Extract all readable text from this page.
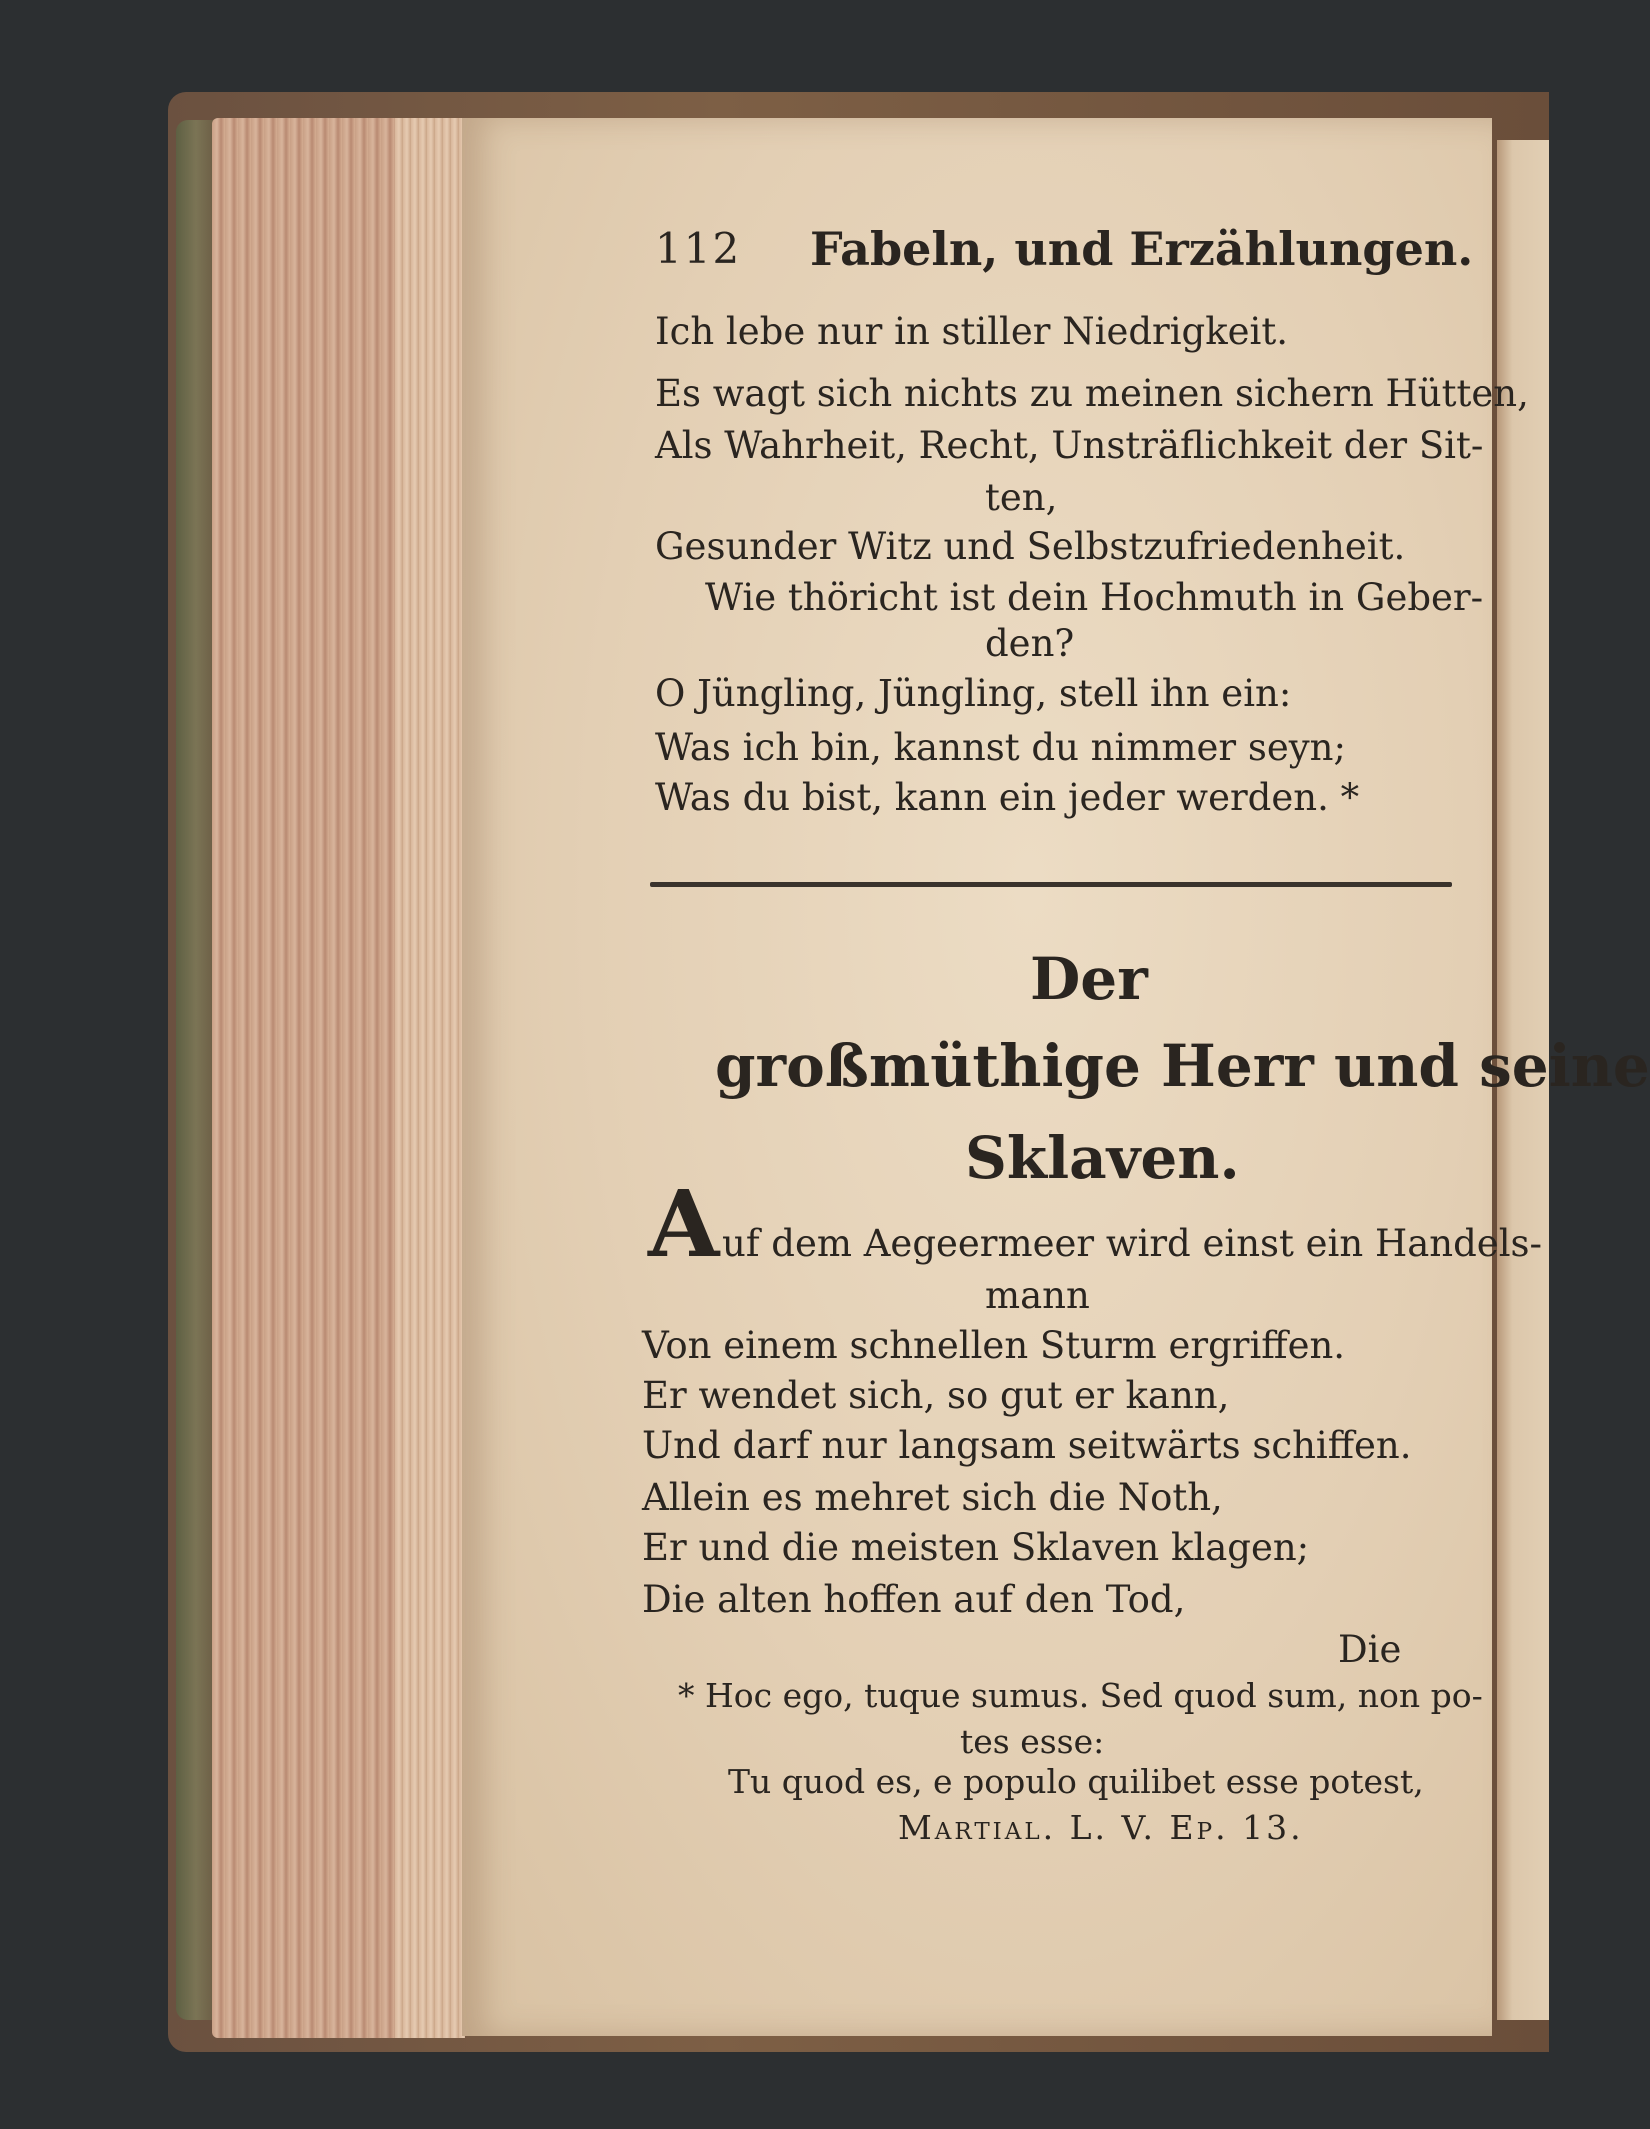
112 Fabeln, und Erzählungen.
Ich lebe nur in stiller Niedrigkeit.
Es wagt sich nichts zu meinen sichern Hütten,
Als Wahrheit, Recht, Unsträflichkeit der Sit-
ten,
Gesunder Witz und Selbstzufriedenheit.
Wie thöricht ist dein Hochmuth in Geber-
den?
O Jüngling, Jüngling, stell ihn ein:
Was ich bin, kannst du nimmer seyn;
Was du bist, kann ein jeder werden. *
Der
großmüthige Herr und seine
Sklaven.
A uf dem Aegeermeer wird einst ein Handels-
mann
Von einem schnellen Sturm ergriffen.
Er wendet sich, so gut er kann,
Und darf nur langsam seitwärts schiffen.
Allein es mehret sich die Noth,
Er und die meisten Sklaven klagen;
Die alten hoffen auf den Tod,
Die
* Hoc ego, tuque sumus. Sed quod sum, non po-
tes esse:
Tu quod es, e populo quilibet esse potest,
Martial. L. V. Ep. 13.
